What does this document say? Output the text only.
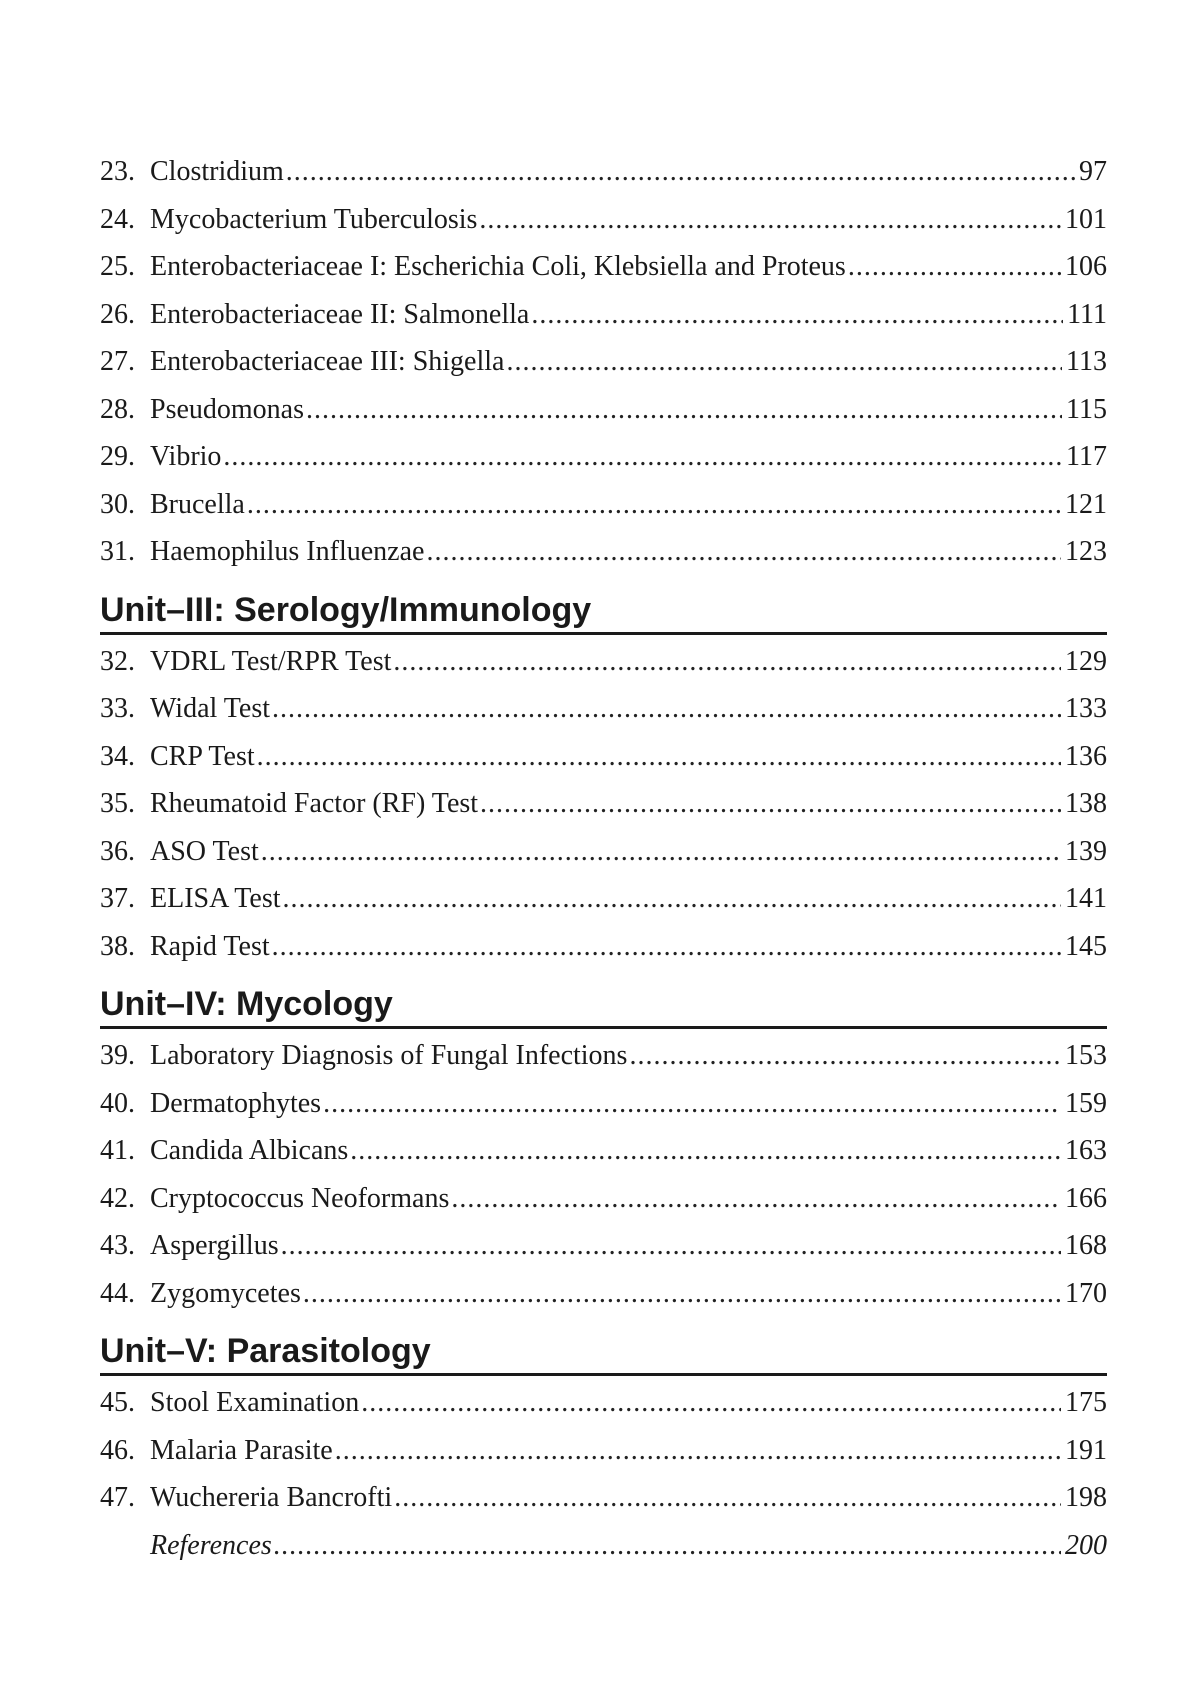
23. Clostridium .....	97
24. Mycobacterium Tuberculosis .....	101
25. Enterobacteriaceae I: Escherichia Coli, Klebsiella and Proteus .....	106
26. Enterobacteriaceae II: Salmonella .....	111
27. Enterobacteriaceae III: Shigella .....	113
28. Pseudomonas .....	115
29. Vibrio .....	117
30. Brucella .....	121
31. Haemophilus Influenzae .....	123
Unit–III: Serology/Immunology
32. VDRL Test/RPR Test .....	129
33. Widal Test .....	133
34. CRP Test .....	136
35. Rheumatoid Factor (RF) Test .....	138
36. ASO Test .....	139
37. ELISA Test .....	141
38. Rapid Test .....	145
Unit–IV: Mycology
39. Laboratory Diagnosis of Fungal Infections .....	153
40. Dermatophytes .....	159
41. Candida Albicans .....	163
42. Cryptococcus Neoformans .....	166
43. Aspergillus .....	168
44. Zygomycetes .....	170
Unit–V: Parasitology
45. Stool Examination .....	175
46. Malaria Parasite .....	191
47. Wuchereria Bancrofti .....	198
References .....	200
